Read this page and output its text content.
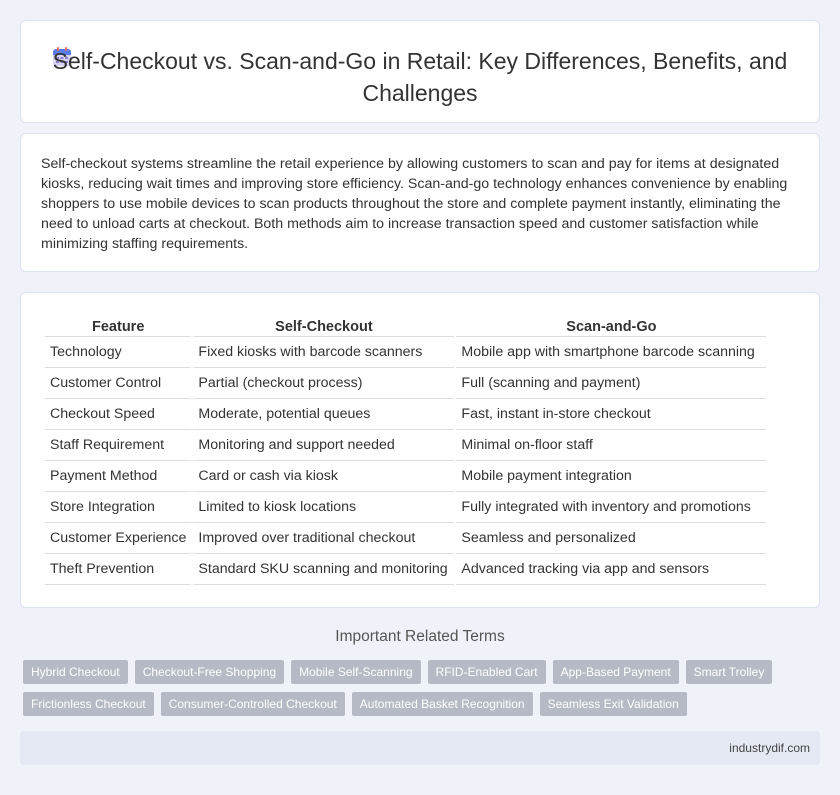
Self-Checkout vs. Scan-and-Go in Retail: Key Differences, Benefits, and Challenges

Self-checkout systems streamline the retail experience by allowing customers to scan and pay for items at designated kiosks, reducing wait times and improving store efficiency. Scan-and-go technology enhances convenience by enabling shoppers to use mobile devices to scan products throughout the store and complete payment instantly, eliminating the need to unload carts at checkout. Both methods aim to increase transaction speed and customer satisfaction while minimizing staffing requirements.

Feature	Self-Checkout	Scan-and-Go
Technology	Fixed kiosks with barcode scanners	Mobile app with smartphone barcode scanning
Customer Control	Partial (checkout process)	Full (scanning and payment)
Checkout Speed	Moderate, potential queues	Fast, instant in-store checkout
Staff Requirement	Monitoring and support needed	Minimal on-floor staff
Payment Method	Card or cash via kiosk	Mobile payment integration
Store Integration	Limited to kiosk locations	Fully integrated with inventory and promotions
Customer Experience	Improved over traditional checkout	Seamless and personalized
Theft Prevention	Standard SKU scanning and monitoring	Advanced tracking via app and sensors
Important Related Terms
Hybrid Checkout	Checkout-Free Shopping	Mobile Self-Scanning	RFID-Enabled Cart	App-Based Payment	Smart Trolley
Frictionless Checkout	Consumer-Controlled Checkout	Automated Basket Recognition	Seamless Exit Validation
industrydif.com
